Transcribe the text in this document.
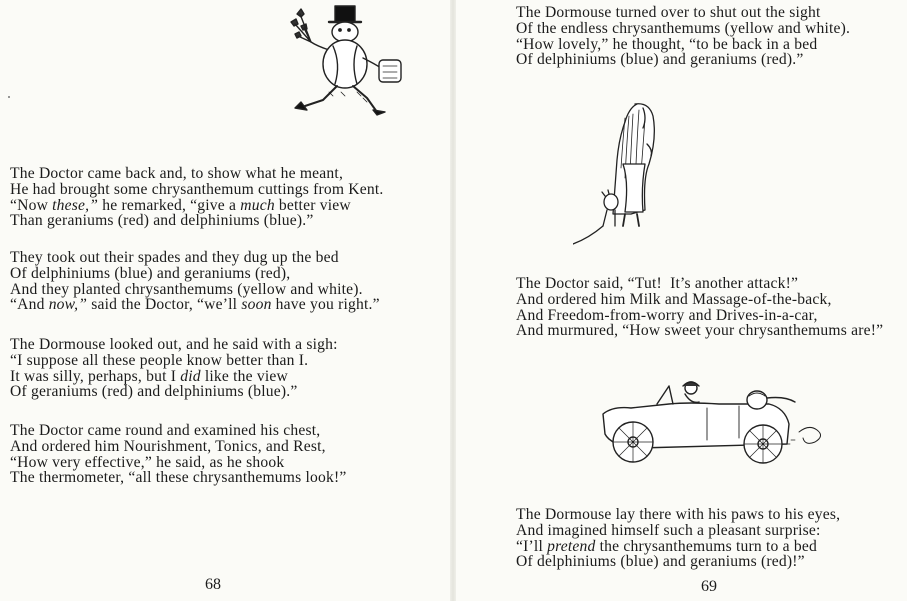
The Doctor came back and, to show what he meant,
He had brought some chrysanthemum cuttings from Kent.
“Now these,” he remarked, “give a much better view
Than geraniums (red) and delphiniums (blue).”
They took out their spades and they dug up the bed
Of delphiniums (blue) and geraniums (red),
And they planted chrysanthemums (yellow and white).
“And now,” said the Doctor, “we’ll soon have you right.”
The Dormouse looked out, and he said with a sigh:
“I suppose all these people know better than I.
It was silly, perhaps, but I did like the view
Of geraniums (red) and delphiniums (blue).”
The Doctor came round and examined his chest,
And ordered him Nourishment, Tonics, and Rest,
“How very effective,” he said, as he shook
The thermometer, “all these chrysanthemums look!”
68
The Dormouse turned over to shut out the sight
Of the endless chrysanthemums (yellow and white).
“How lovely,” he thought, “to be back in a bed
Of delphiniums (blue) and geraniums (red).”
The Doctor said, “Tut!  It’s another attack!”
And ordered him Milk and Massage-of-the-back,
And Freedom-from-worry and Drives-in-a-car,
And murmured, “How sweet your chrysanthemums are!”
The Dormouse lay there with his paws to his eyes,
And imagined himself such a pleasant surprise:
“I’ll pretend the chrysanthemums turn to a bed
Of delphiniums (blue) and geraniums (red)!”
69
